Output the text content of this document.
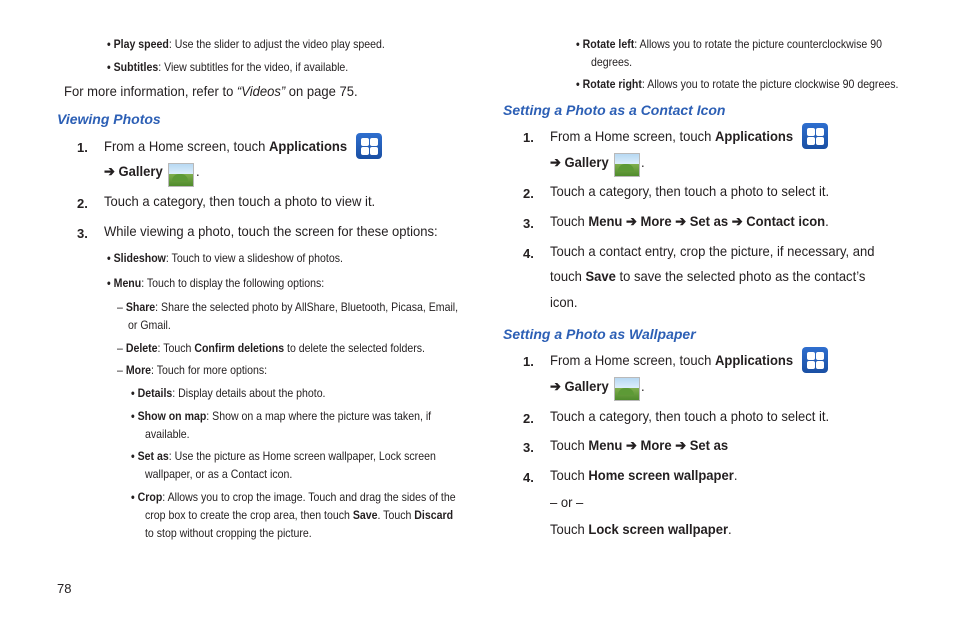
• Play speed: Use the slider to adjust the video play speed.
• Subtitles: View subtitles for the video, if available.
For more information, refer to “Videos” on page 75.
Viewing Photos
1. From a Home screen, touch Applications
➔ Gallery .
2. Touch a category, then touch a photo to view it.
3. While viewing a photo, touch the screen for these options:
• Slideshow: Touch to view a slideshow of photos.
• Menu: Touch to display the following options:
– Share: Share the selected photo by AllShare, Bluetooth, Picasa, Email,
or Gmail.
– Delete: Touch Confirm deletions to delete the selected folders.
– More: Touch for more options:
• Details: Display details about the photo.
• Show on map: Show on a map where the picture was taken, if
available.
• Set as: Use the picture as Home screen wallpaper, Lock screen
wallpaper, or as a Contact icon.
• Crop: Allows you to crop the image. Touch and drag the sides of the
crop box to create the crop area, then touch Save. Touch Discard
to stop without cropping the picture.
• Rotate left: Allows you to rotate the picture counterclockwise 90
degrees.
• Rotate right: Allows you to rotate the picture clockwise 90 degrees.
Setting a Photo as a Contact Icon
1. From a Home screen, touch Applications
➔ Gallery .
2. Touch a category, then touch a photo to select it.
3. Touch Menu ➔ More ➔ Set as ➔ Contact icon.
4. Touch a contact entry, crop the picture, if necessary, and
touch Save to save the selected photo as the contact’s
icon.
Setting a Photo as Wallpaper
1. From a Home screen, touch Applications
➔ Gallery .
2. Touch a category, then touch a photo to select it.
3. Touch Menu ➔ More ➔ Set as
4. Touch Home screen wallpaper.
– or –
Touch Lock screen wallpaper.
78
